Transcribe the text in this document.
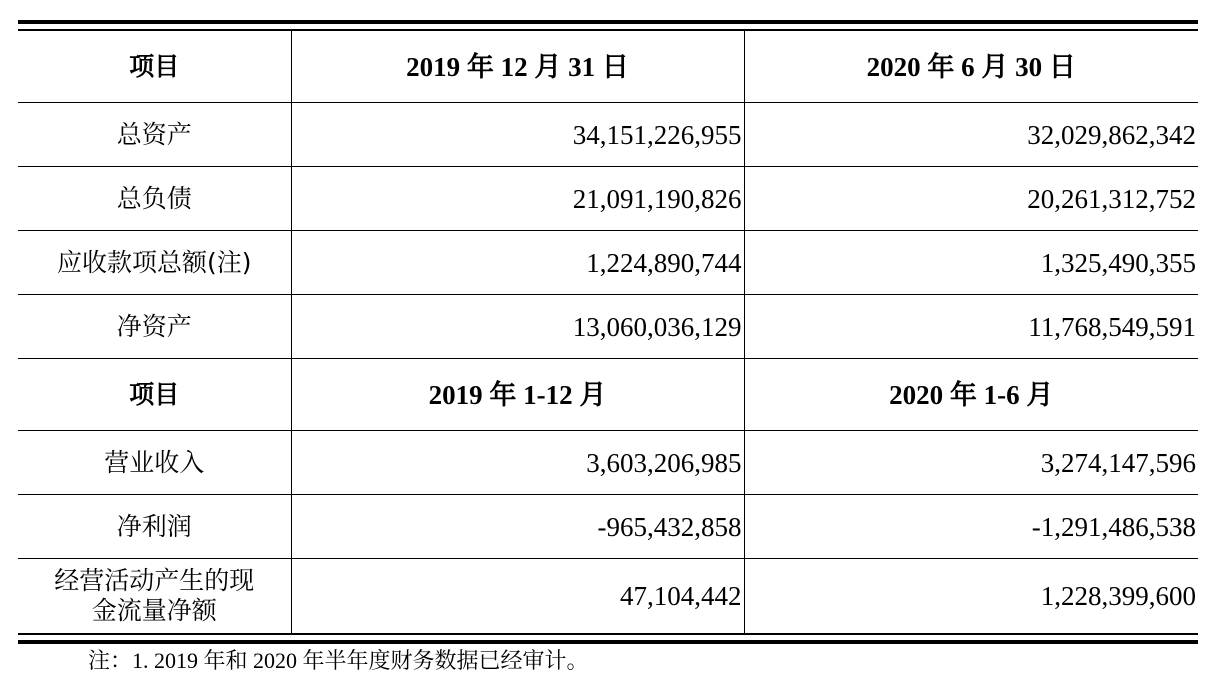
项目	2019 年 12 月 31 日	2020 年 6 月 30 日
总资产	34,151,226,955	32,029,862,342
总负债	21,091,190,826	20,261,312,752
应收款项总额(注)	1,224,890,744	1,325,490,355
净资产	13,060,036,129	11,768,549,591
项目	2019 年 1-12 月	2020 年 1-6 月
营业收入	3,603,206,985	3,274,147,596
净利润	-965,432,858	-1,291,486,538

经营活动产生的现
金流量净额	47,104,442	1,228,399,600
注：1. 2019 年和 2020 年半年度财务数据已经审计。
